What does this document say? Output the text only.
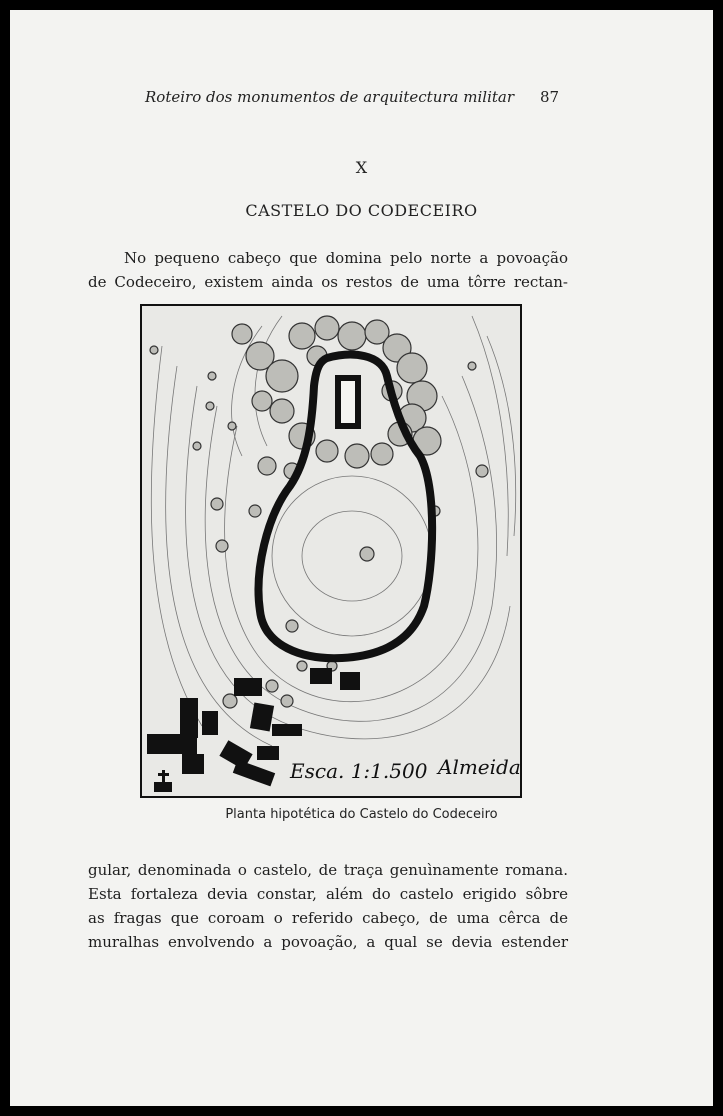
Roteiro dos monumentos de arquitectura militar 87
X
CASTELO DO CODECEIRO
No pequeno cabeço que domina pelo norte a povoação
de Codeceiro, existem ainda os restos de uma tôrre rectan-
Esca. 1:1.500 Almeida
Planta hipotética do Castelo do Codeceiro
gular, denominada o castelo, de traça genuìnamente romana.
Esta fortaleza devia constar, além do castelo erigido sôbre
as fragas que coroam o referido cabeço, de uma cêrca de
muralhas envolvendo a povoação, a qual se devia estender
